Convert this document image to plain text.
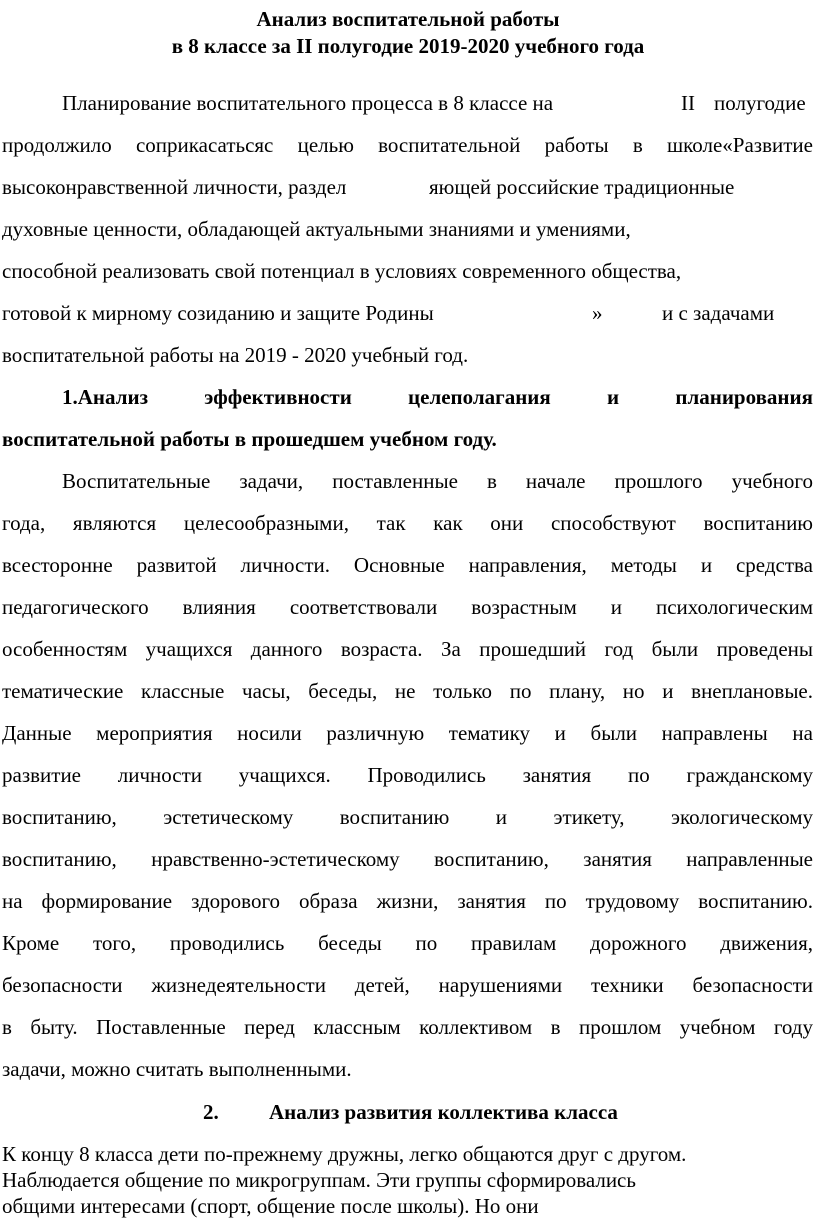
Анализ воспитательной работы
в 8 классе за II полугодие 2019-2020 учебного года
Планирование воспитательного процесса в 8 классе на	II полугодие
продолжило соприкасатьсяс целью воспитательной работы в школе«Развитие
высоконравственной личности, раздел	яющей российские традиционные
духовные ценности, обладающей актуальными знаниями и умениями,
способной реализовать свой потенциал в условиях современного общества,
готовой к мирному созиданию и защите Родины	»	и с задачами
воспитательной работы на 2019 - 2020 учебный год.
1.Анализ эффективности целеполагания и планирования
воспитательной работы в прошедшем учебном году.
Воспитательные задачи, поставленные в начале прошлого учебного
года, являются целесообразными, так как они способствуют воспитанию
всесторонне развитой личности. Основные направления, методы и средства
педагогического влияния соответствовали возрастным и психологическим
особенностям учащихся данного возраста. За прошедший год были проведены
тематические классные часы, беседы, не только по плану, но и внеплановые.
Данные мероприятия носили различную тематику и были направлены на
развитие личности учащихся. Проводились занятия по гражданскому
воспитанию, эстетическому воспитанию и этикету, экологическому
воспитанию, нравственно-эстетическому воспитанию, занятия направленные
на формирование здорового образа жизни, занятия по трудовому воспитанию.
Кроме того, проводились беседы по правилам дорожного движения,
безопасности жизнедеятельности детей, нарушениями техники безопасности
в быту. Поставленные перед классным коллективом в прошлом учебном году
задачи, можно считать выполненными.
2. Анализ развития коллектива класса
К концу 8 класса дети по-прежнему дружны, легко общаются друг с другом.
Наблюдается общение по микрогруппам. Эти группы сформировались
общими интересами (спорт, общение после школы). Но они
